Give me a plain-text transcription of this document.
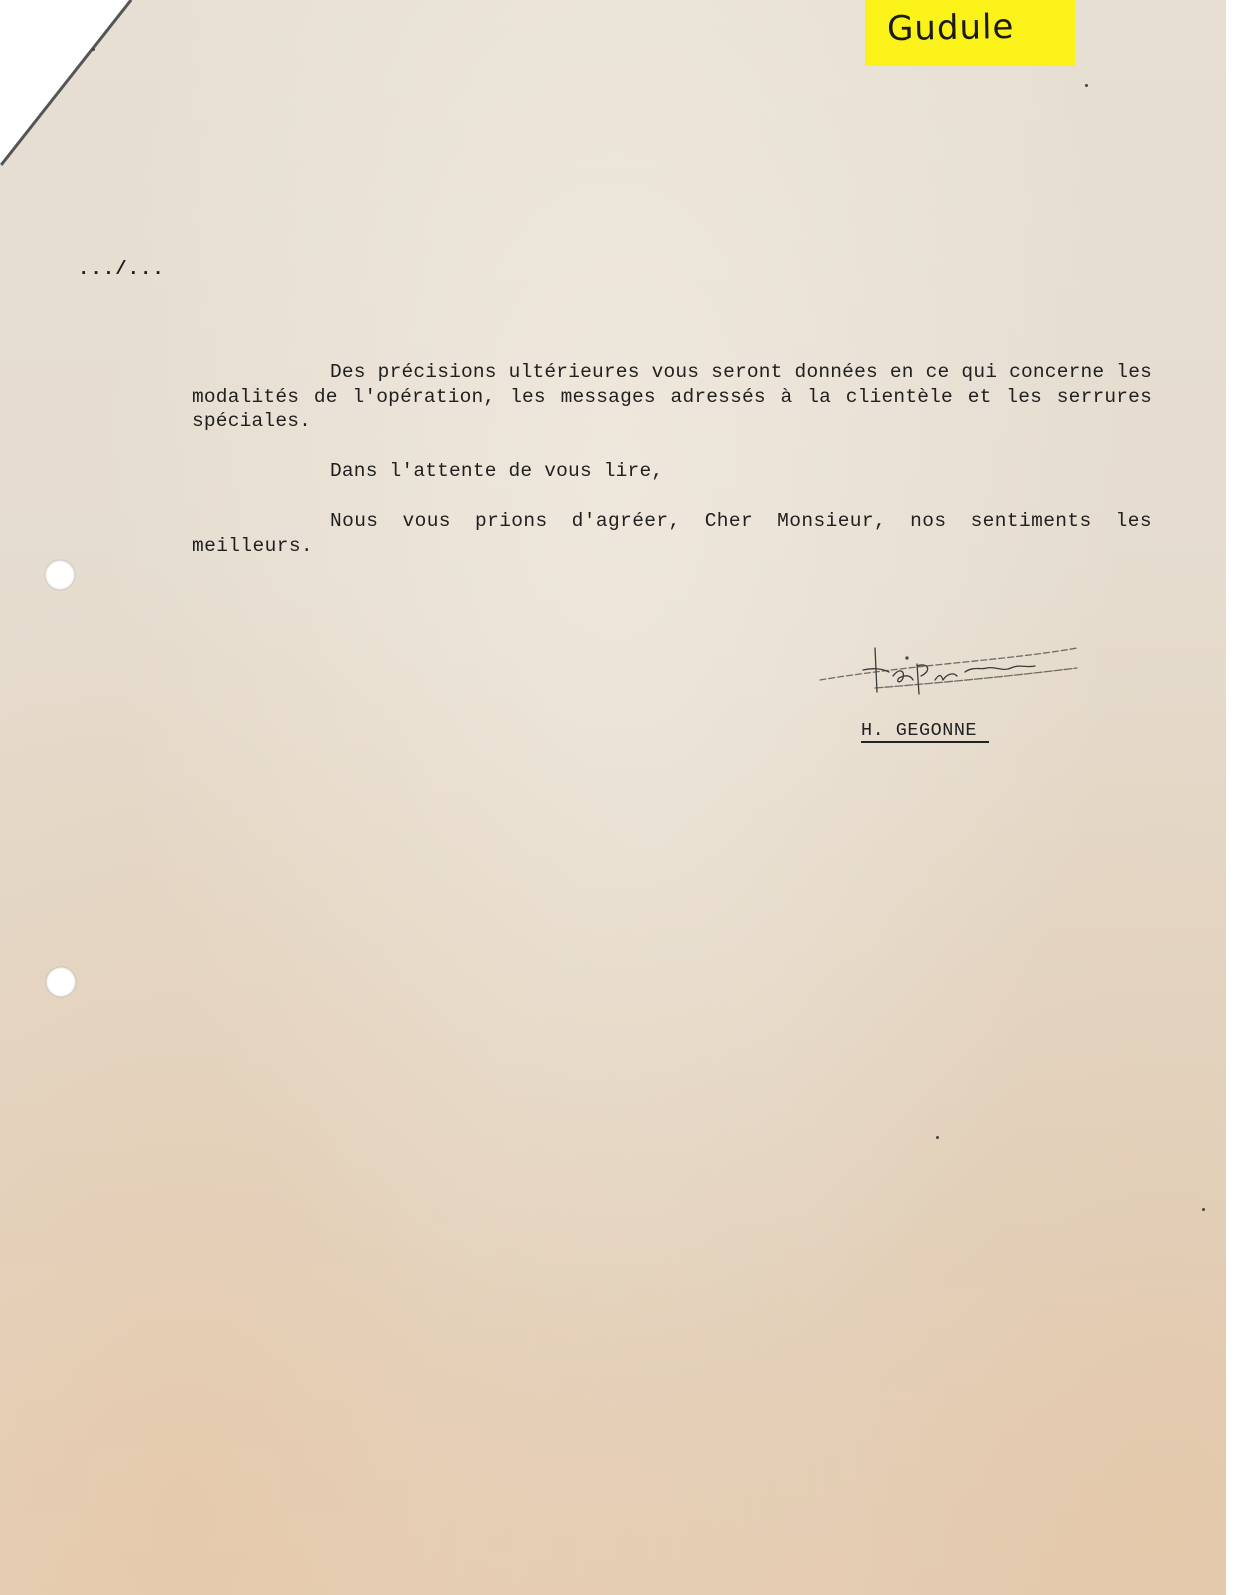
Gudule
.../...
Des précisions ultérieures vous seront données en ce qui concerne les modalités de l'opération, les messages adressés à la clientèle et les serrures spéciales.
Dans l'attente de vous lire,
Nous vous prions d'agréer, Cher Monsieur, nos sentiments les meilleurs.
H. GEGONNE
